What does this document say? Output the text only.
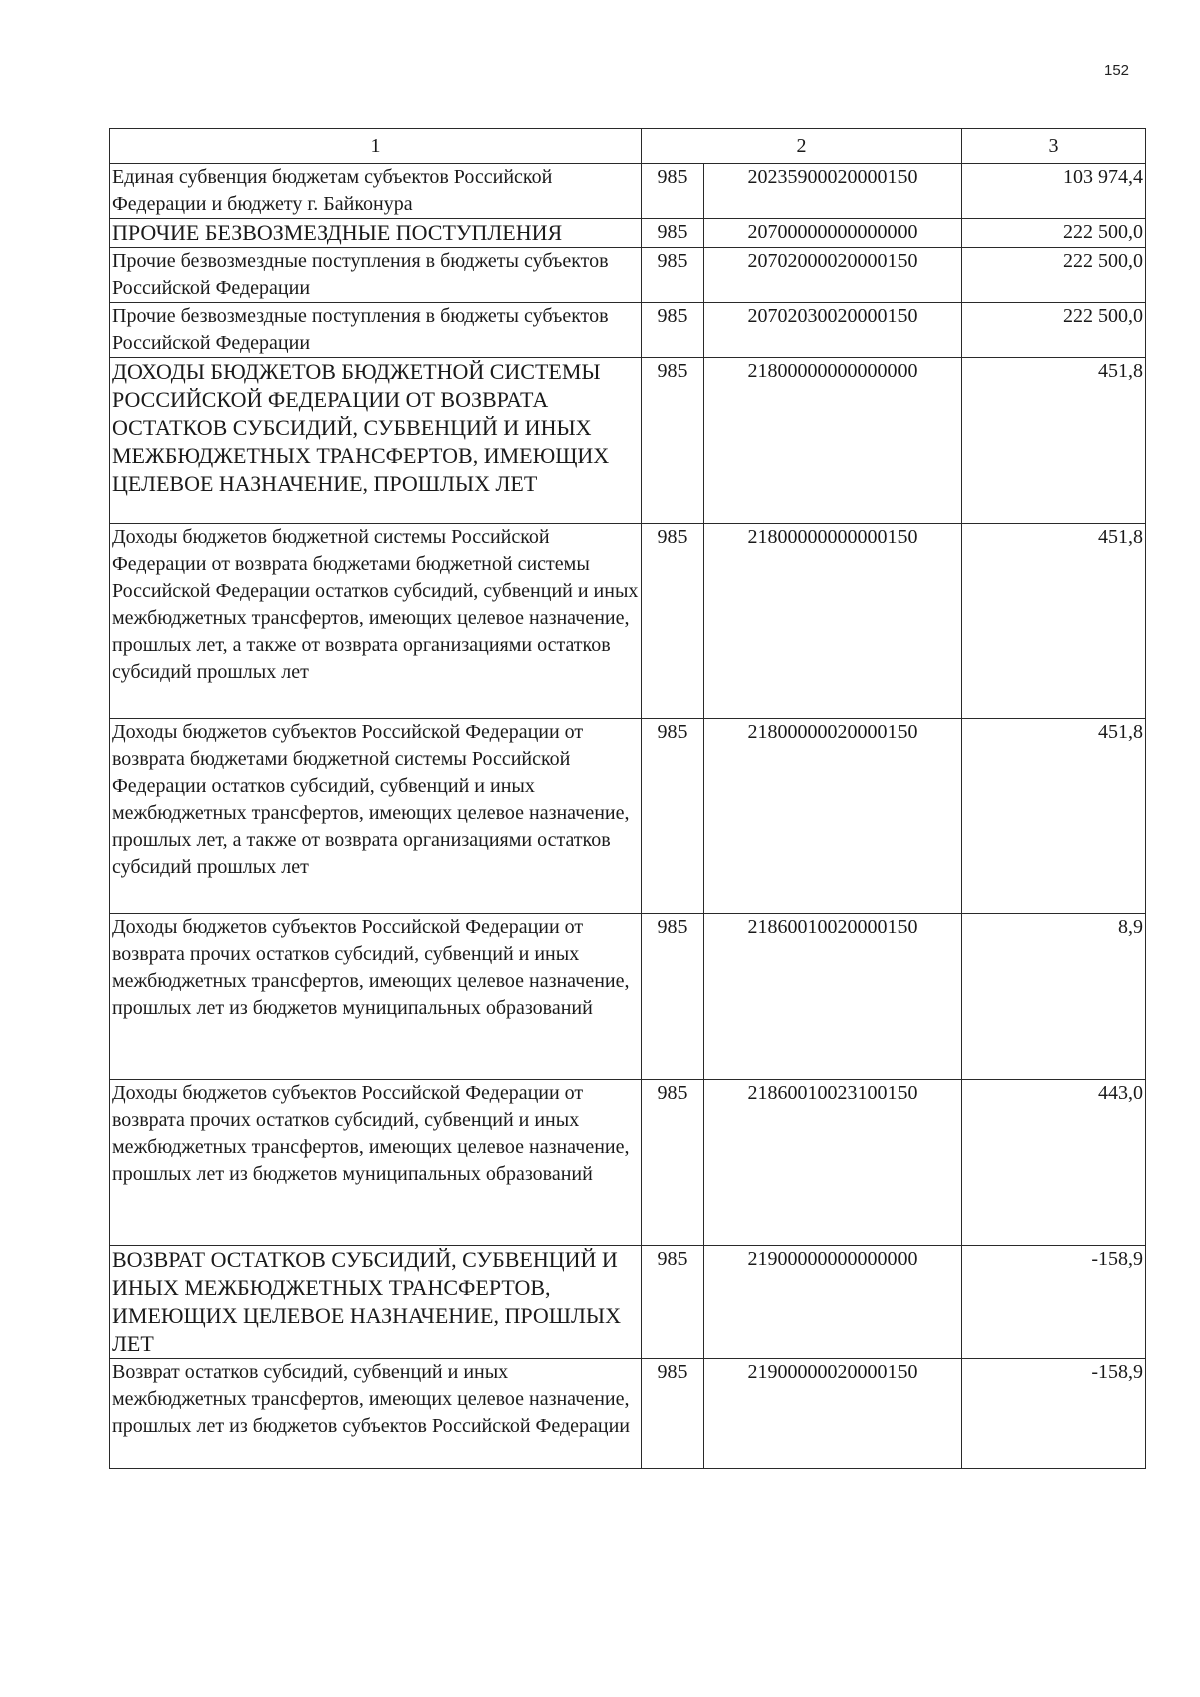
152
1	2		3
Единая субвенция бюджетам субъектов Российской Федерации и бюджету г. Байконура	985	20235900020000150	103 974,4
ПРОЧИЕ БЕЗВОЗМЕЗДНЫЕ ПОСТУПЛЕНИЯ	985	20700000000000000	222 500,0
Прочие безвозмездные поступления в бюджеты субъектов Российской Федерации	985	20702000020000150	222 500,0
Прочие безвозмездные поступления в бюджеты субъектов Российской Федерации	985	20702030020000150	222 500,0
ДОХОДЫ БЮДЖЕТОВ БЮДЖЕТНОЙ СИСТЕМЫ РОССИЙСКОЙ ФЕДЕРАЦИИ ОТ ВОЗВРАТА ОСТАТКОВ СУБСИДИЙ, СУБВЕНЦИЙ И ИНЫХ МЕЖБЮДЖЕТНЫХ ТРАНСФЕРТОВ, ИМЕЮЩИХ ЦЕЛЕВОЕ НАЗНАЧЕНИЕ, ПРОШЛЫХ ЛЕТ	985	21800000000000000	451,8
Доходы бюджетов бюджетной системы Российской Федерации от возврата бюджетами бюджетной системы Российской Федерации остатков субсидий, субвенций и иных межбюджетных трансфертов, имеющих целевое назначение, прошлых лет, а также от возврата организациями остатков субсидий прошлых лет	985	21800000000000150	451,8
Доходы бюджетов субъектов Российской Федерации от возврата бюджетами бюджетной системы Российской Федерации остатков субсидий, субвенций и иных межбюджетных трансфертов, имеющих целевое назначение, прошлых лет, а также от возврата организациями остатков субсидий прошлых лет	985	21800000020000150	451,8
Доходы бюджетов субъектов Российской Федерации от возврата прочих остатков субсидий, субвенций и иных межбюджетных трансфертов, имеющих целевое назначение, прошлых лет из бюджетов муниципальных образований	985	21860010020000150	8,9
Доходы бюджетов субъектов Российской Федерации от возврата прочих остатков субсидий, субвенций и иных межбюджетных трансфертов, имеющих целевое назначение, прошлых лет из бюджетов муниципальных образований	985	21860010023100150	443,0
ВОЗВРАТ ОСТАТКОВ СУБСИДИЙ, СУБВЕНЦИЙ И ИНЫХ МЕЖБЮДЖЕТНЫХ ТРАНСФЕРТОВ, ИМЕЮЩИХ ЦЕЛЕВОЕ НАЗНАЧЕНИЕ, ПРОШЛЫХ ЛЕТ	985	21900000000000000	-158,9
Возврат остатков субсидий, субвенций и иных межбюджетных трансфертов, имеющих целевое назначение, прошлых лет из бюджетов субъектов Российской Федерации	985	21900000020000150	-158,9
